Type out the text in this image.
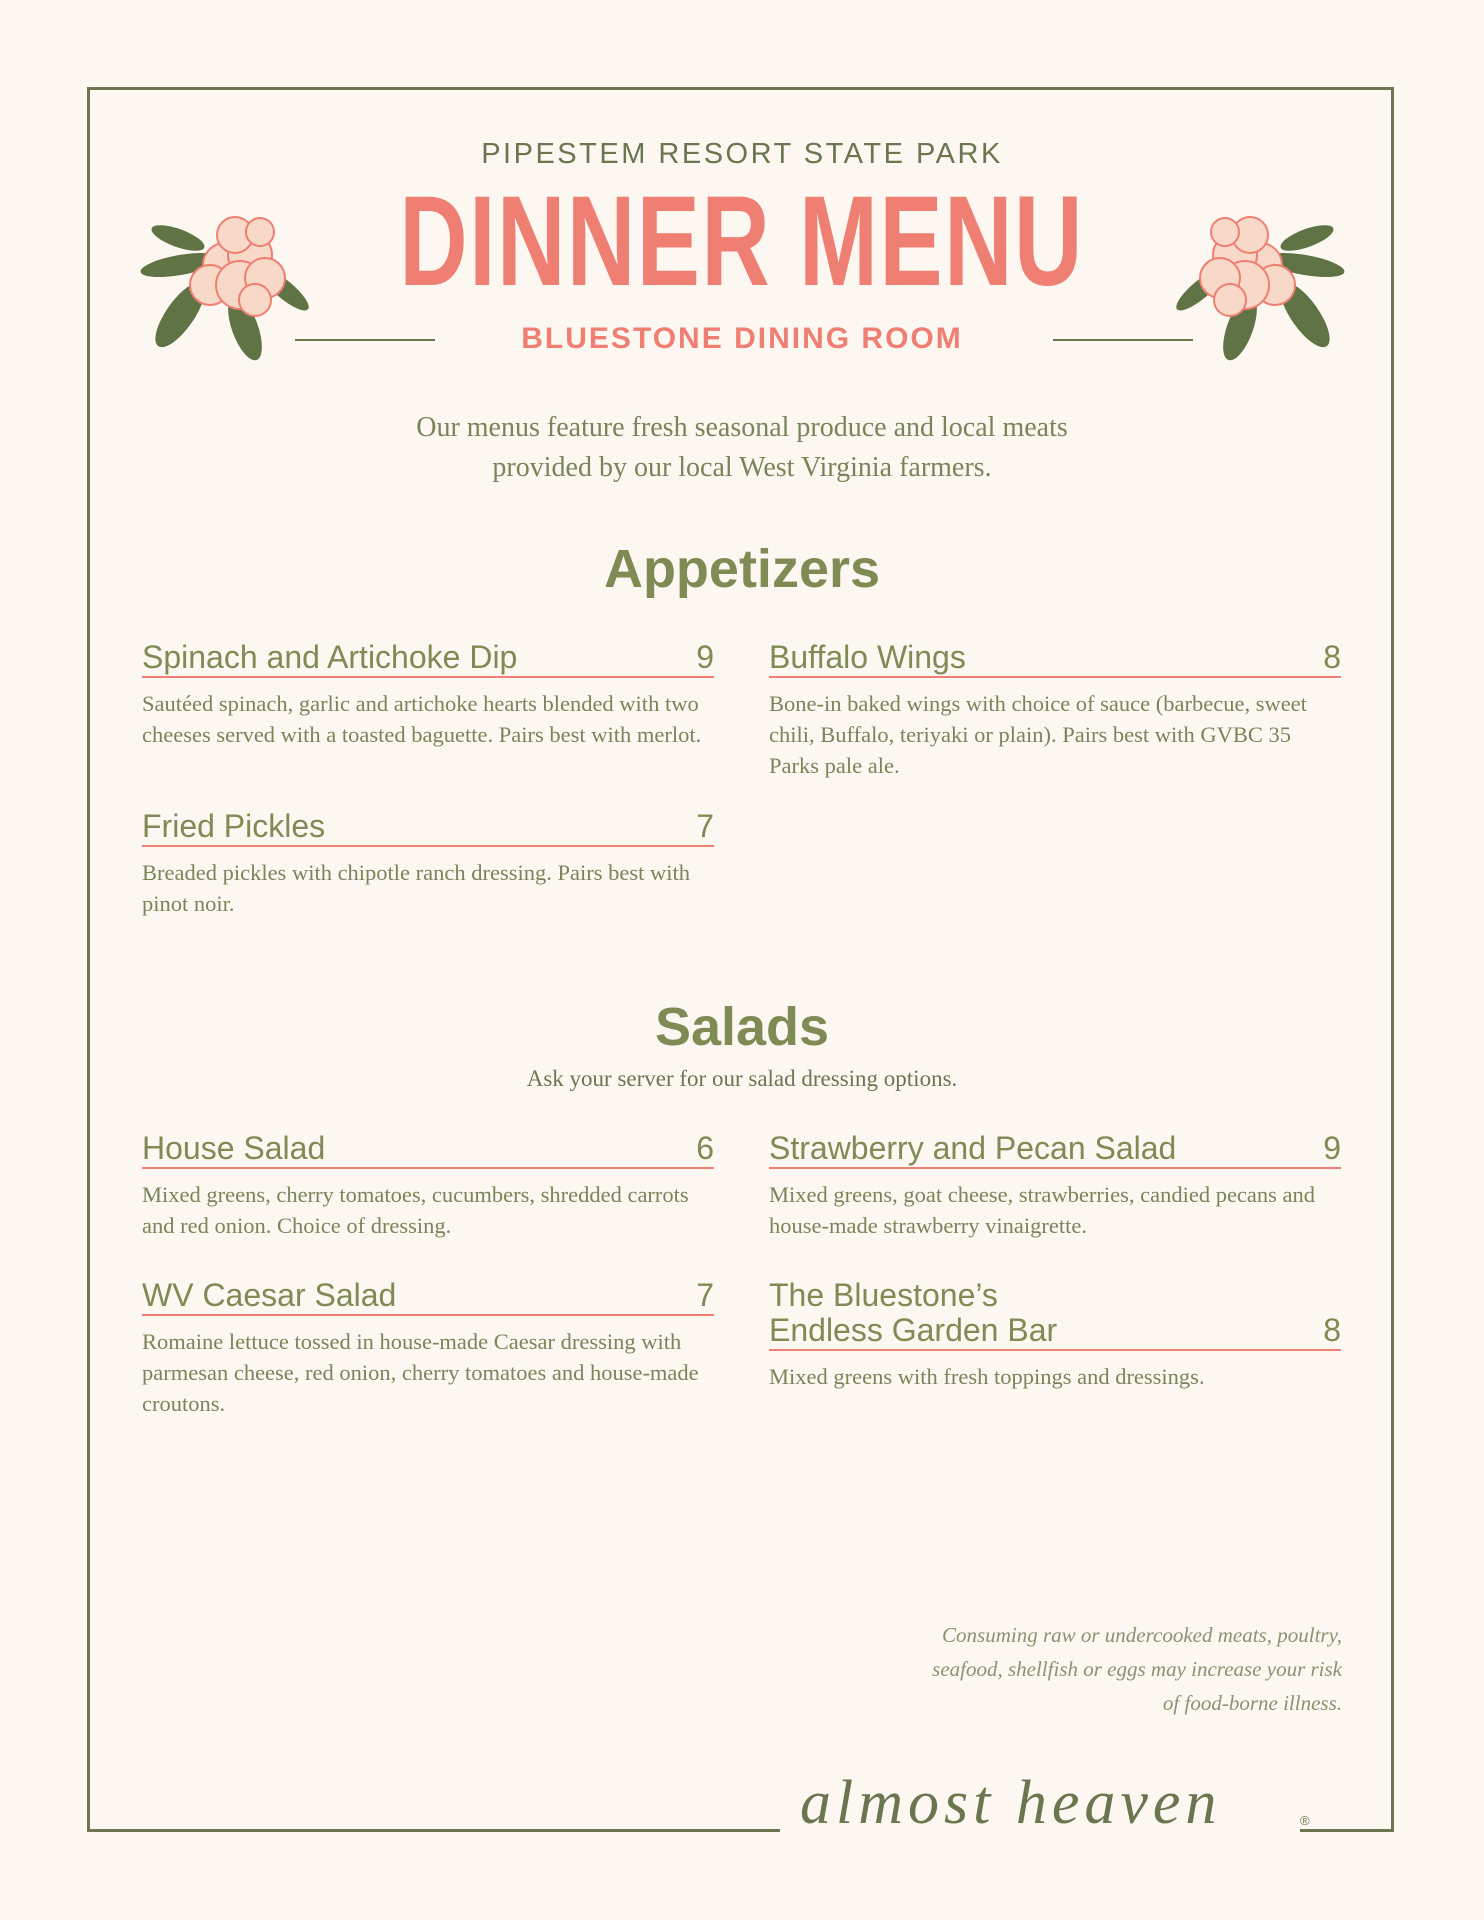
PIPESTEM RESORT STATE PARK
DINNER MENU
BLUESTONE DINING ROOM
Our menus feature fresh seasonal produce and local meats
provided by our local West Virginia farmers.
Appetizers
Spinach and Artichoke Dip	9
Sautéed spinach, garlic and artichoke hearts blended with two cheeses served with a toasted baguette. Pairs best with merlot.
Buffalo Wings	8
Bone-in baked wings with choice of sauce (barbecue, sweet chili, Buffalo, teriyaki or plain). Pairs best with GVBC 35 Parks pale ale.
Fried Pickles	7
Breaded pickles with chipotle ranch dressing. Pairs best with pinot noir.
Salads
Ask your server for our salad dressing options.
House Salad	6
Mixed greens, cherry tomatoes, cucumbers, shredded carrots and red onion. Choice of dressing.
Strawberry and Pecan Salad	9
Mixed greens, goat cheese, strawberries, candied pecans and house-made strawberry vinaigrette.
WV Caesar Salad	7
Romaine lettuce tossed in house-made Caesar dressing with parmesan cheese, red onion, cherry tomatoes and house-made croutons.
The Bluestone’s
Endless Garden Bar	8
Mixed greens with fresh toppings and dressings.
Consuming raw or undercooked meats, poultry,
seafood, shellfish or eggs may increase your risk
of food-borne illness.
almost heaven	®
